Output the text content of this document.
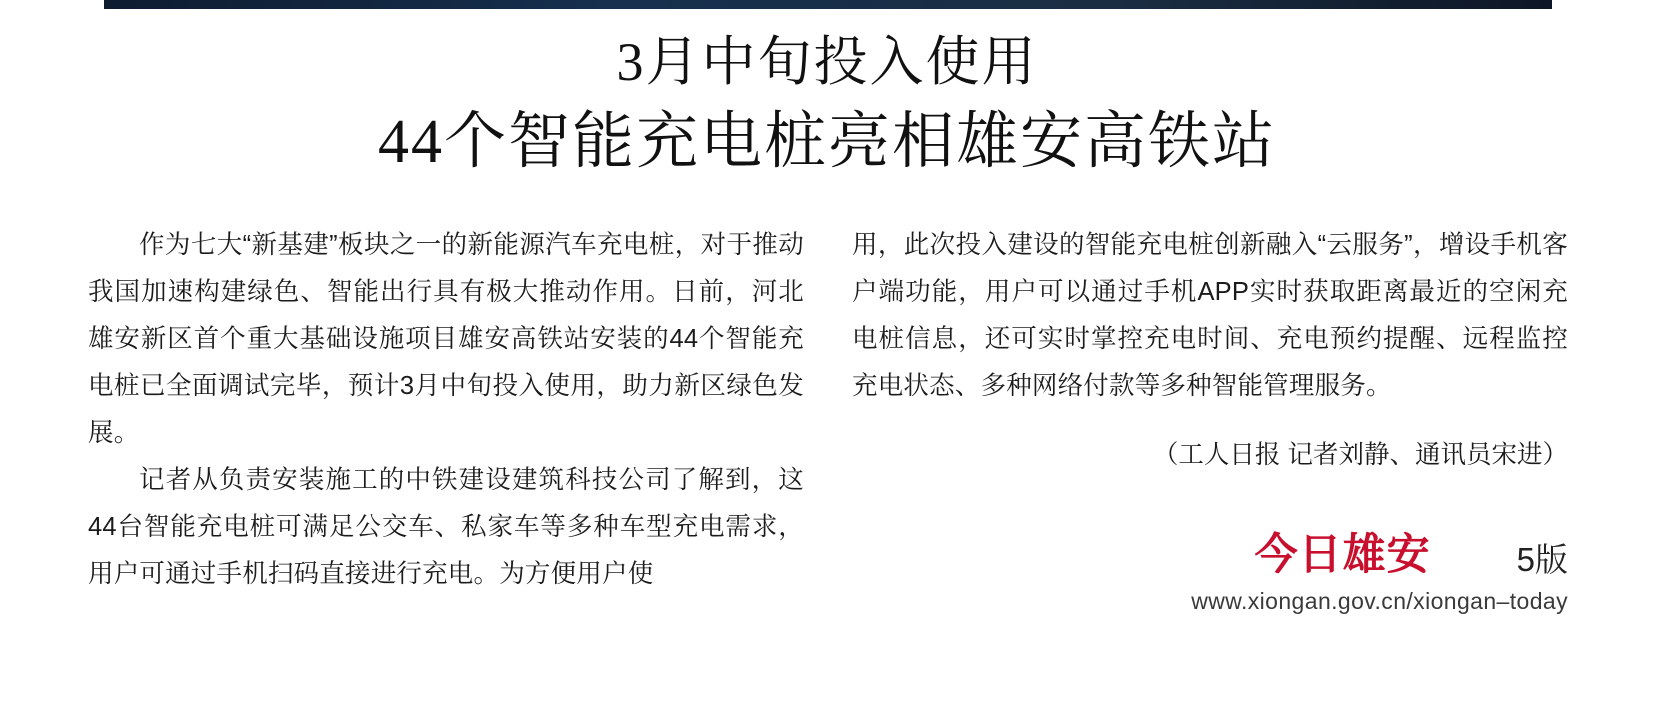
3月中旬投入使用
44个智能充电桩亮相雄安高铁站

作为七大“新基建”板块之一的新能源汽车充电桩，对于推动我国加速构建绿色、智能出行具有极大推动作用。日前，河北雄安新区首个重大基础设施项目雄安高铁站安装的44个智能充电桩已全面调试完毕，预计3月中旬投入使用，助力新区绿色发展。

记者从负责安装施工的中铁建设建筑科技公司了解到，这44台智能充电桩可满足公交车、私家车等多种车型充电需求，用户可通过手机扫码直接进行充电。为方便用户使

用，此次投入建设的智能充电桩创新融入“云服务”，增设手机客户端功能，用户可以通过手机APP实时获取距离最近的空闲充电桩信息，还可实时掌控充电时间、充电预约提醒、远程监控充电状态、多种网络付款等多种智能管理服务。

（工人日报 记者刘静、通讯员宋进）
今日雄安	5版
www.xiongan.gov.cn/xiongan–today
